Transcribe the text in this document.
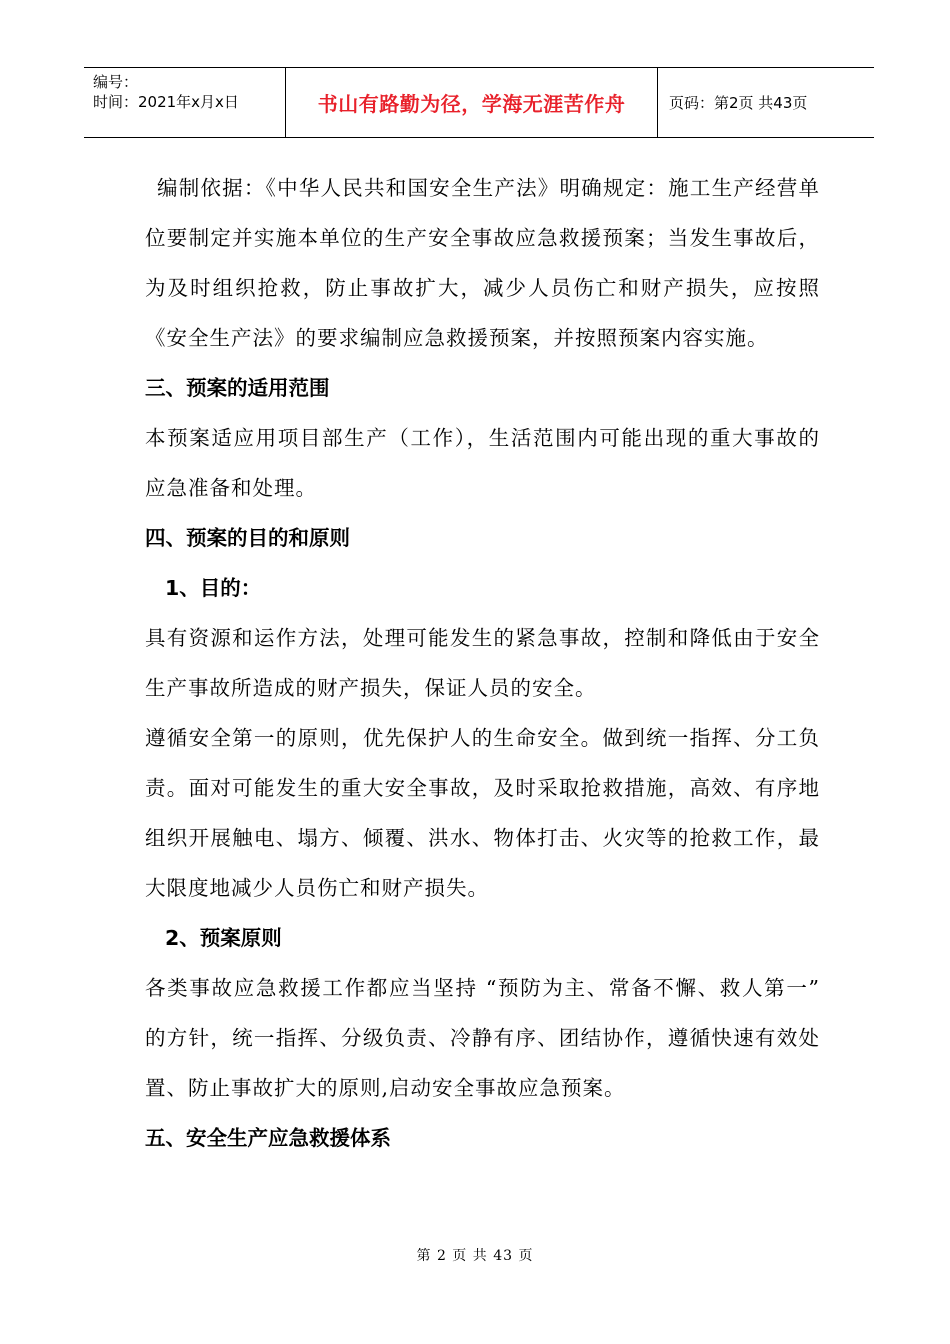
编号：
时间：2021年x月x日	书山有路勤为径，学海无涯苦作舟	页码：第2页 共43页

编制依据：《中华人民共和国安全生产法》明确规定：施工生产经营单位要制定并实施本单位的生产安全事故应急救援预案；当发生事故后，为及时组织抢救，防止事故扩大，减少人员伤亡和财产损失，应按照《安全生产法》的要求编制应急救援预案，并按照预案内容实施。

三、预案的适用范围

本预案适应用项目部生产（工作），生活范围内可能出现的重大事故的应急准备和处理。

四、预案的目的和原则

1、目的：

具有资源和运作方法，处理可能发生的紧急事故，控制和降低由于安全生产事故所造成的财产损失，保证人员的安全。

遵循安全第一的原则，优先保护人的生命安全。做到统一指挥、分工负责。面对可能发生的重大安全事故，及时采取抢救措施，高效、有序地组织开展触电、塌方、倾覆、洪水、物体打击、火灾等的抢救工作，最大限度地减少人员伤亡和财产损失。

2、预案原则

各类事故应急救援工作都应当坚持 “预防为主、常备不懈、救人第一” 的方针，统一指挥、分级负责、冷静有序、团结协作，遵循快速有效处置、防止事故扩大的原则,启动安全事故应急预案。

五、安全生产应急救援体系

第 2 页 共 43 页
